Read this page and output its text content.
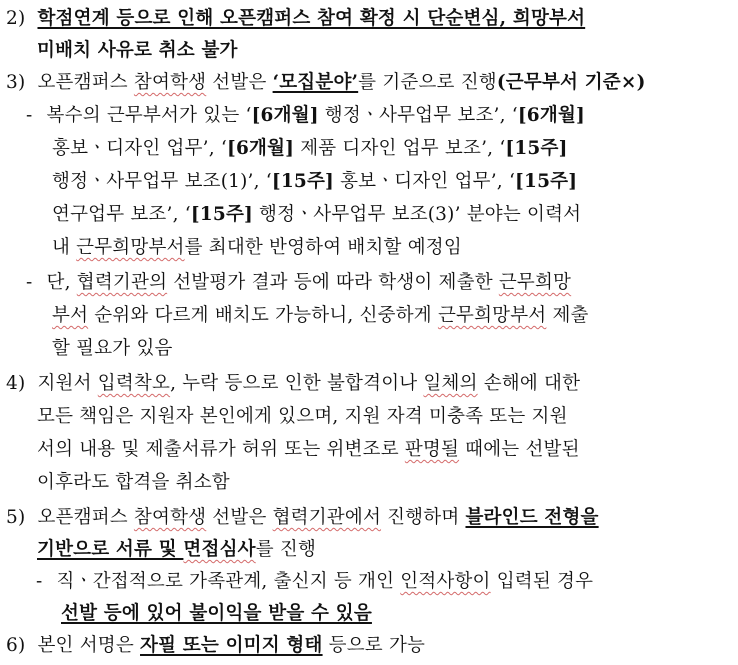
2) 학점연계 등으로 인해 오픈캠퍼스 참여 확정 시 단순변심, 희망부서
미배치 사유로 취소 불가
3) 오픈캠퍼스 참여학생 선발은 ‘모집분야’를 기준으로 진행(근무부서 기준×)
- 복수의 근무부서가 있는 ‘[6개월] 행정ㆍ사무업무 보조’, ‘[6개월]
홍보ㆍ디자인 업무’, ‘[6개월] 제품 디자인 업무 보조’, ‘[15주]
행정ㆍ사무업무 보조(1)’, ‘[15주] 홍보ㆍ디자인 업무’, ‘[15주]
연구업무 보조’, ‘[15주] 행정ㆍ사무업무 보조(3)’ 분야는 이력서
내 근무희망부서를 최대한 반영하여 배치할 예정임
- 단, 협력기관의 선발평가 결과 등에 따라 학생이 제출한 근무희망
부서 순위와 다르게 배치도 가능하니, 신중하게 근무희망부서 제출
할 필요가 있음
4) 지원서 입력착오, 누락 등으로 인한 불합격이나 일체의 손해에 대한
모든 책임은 지원자 본인에게 있으며, 지원 자격 미충족 또는 지원
서의 내용 및 제출서류가 허위 또는 위변조로 판명될 때에는 선발된
이후라도 합격을 취소함
5) 오픈캠퍼스 참여학생 선발은 협력기관에서 진행하며 블라인드 전형을
기반으로 서류 및 면접심사를 진행
- 직ㆍ간접적으로 가족관계, 출신지 등 개인 인적사항이 입력된 경우
선발 등에 있어 불이익을 받을 수 있음
6) 본인 서명은 자필 또는 이미지 형태 등으로 가능
